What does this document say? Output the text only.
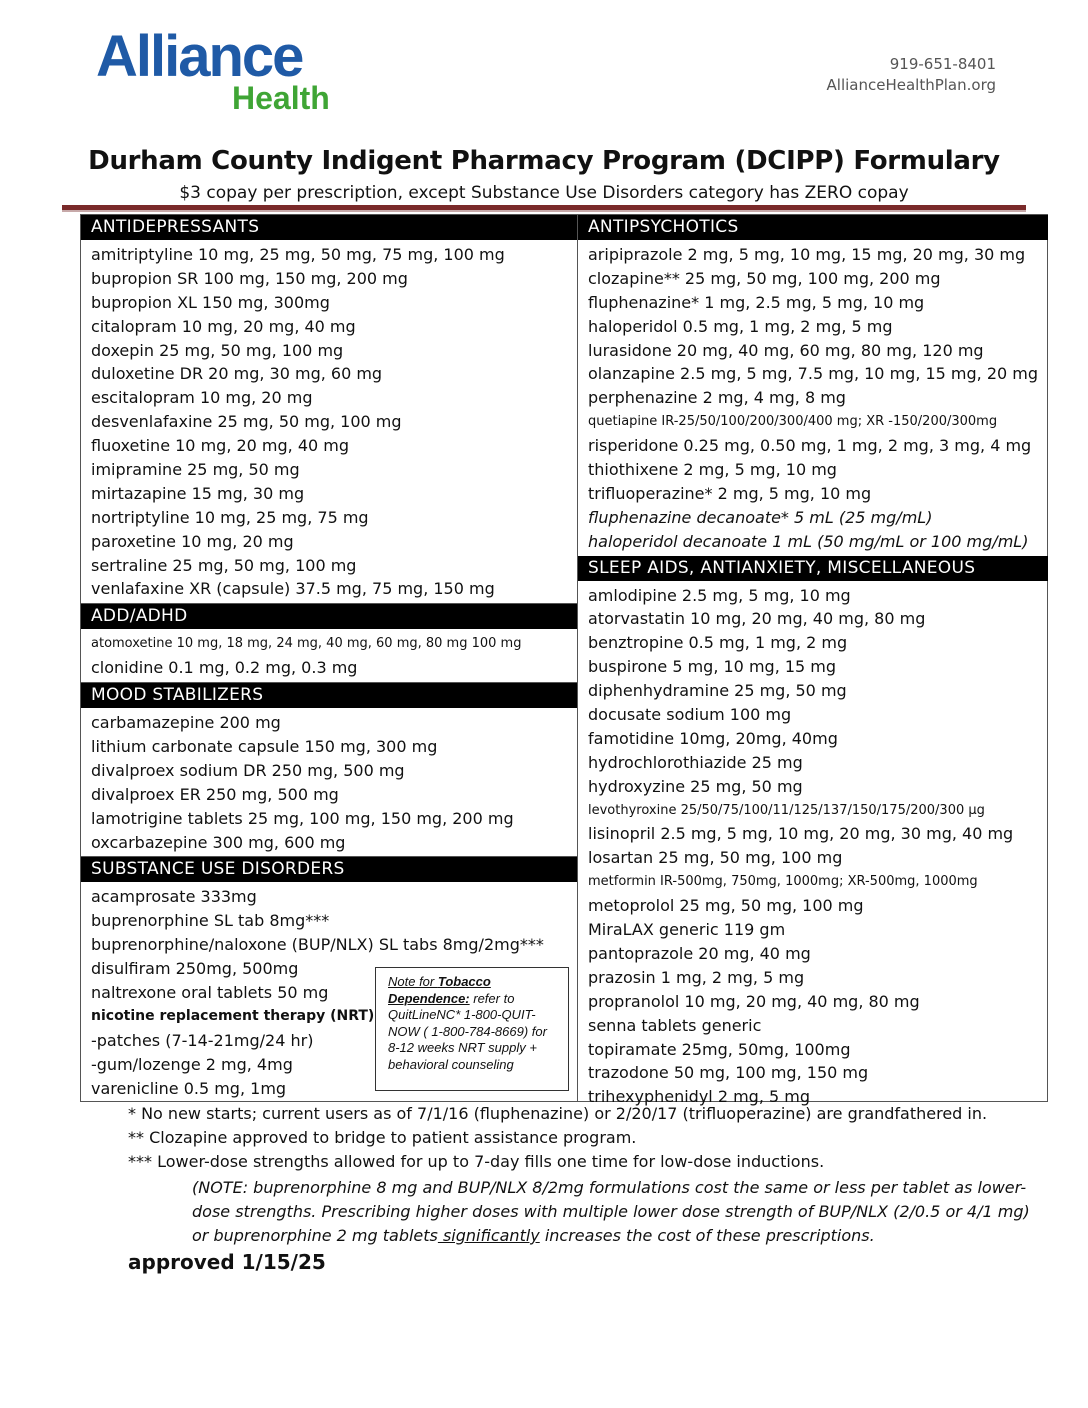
Alliance
Health
919-651-8401
AllianceHealthPlan.org
Durham County Indigent Pharmacy Program (DCIPP) Formulary
$3 copay per prescription, except Substance Use Disorders category has ZERO copay
ANTIDEPRESSANTS
amitriptyline 10 mg, 25 mg, 50 mg, 75 mg, 100 mg
bupropion SR 100 mg, 150 mg, 200 mg
bupropion XL 150 mg, 300mg
citalopram 10 mg, 20 mg, 40 mg
doxepin 25 mg, 50 mg, 100 mg
duloxetine DR 20 mg, 30 mg, 60 mg
escitalopram 10 mg, 20 mg
desvenlafaxine 25 mg, 50 mg, 100 mg
fluoxetine 10 mg, 20 mg, 40 mg
imipramine 25 mg, 50 mg
mirtazapine 15 mg, 30 mg
nortriptyline 10 mg, 25 mg, 75 mg
paroxetine 10 mg, 20 mg
sertraline 25 mg, 50 mg, 100 mg
venlafaxine XR (capsule) 37.5 mg, 75 mg, 150 mg
ADD/ADHD
atomoxetine 10 mg, 18 mg, 24 mg, 40 mg, 60 mg, 80 mg 100 mg
clonidine 0.1 mg, 0.2 mg, 0.3 mg
MOOD STABILIZERS
carbamazepine 200 mg
lithium carbonate capsule 150 mg, 300 mg
divalproex sodium DR 250 mg, 500 mg
divalproex ER 250 mg, 500 mg
lamotrigine tablets 25 mg, 100 mg, 150 mg, 200 mg
oxcarbazepine 300 mg, 600 mg
SUBSTANCE USE DISORDERS
acamprosate 333mg
buprenorphine SL tab 8mg***
buprenorphine/naloxone (BUP/NLX) SL tabs 8mg/2mg***
disulfiram 250mg, 500mg
naltrexone oral tablets 50 mg
nicotine replacement therapy (NRT)
-patches (7-14-21mg/24 hr)
-gum/lozenge 2 mg, 4mg
varenicline 0.5 mg, 1mg
Note for Tobacco Dependence: refer to QuitLineNC* 1-800-QUIT-NOW ( 1-800-784-8669) for 8-12 weeks NRT supply + behavioral counseling
ANTIPSYCHOTICS
aripiprazole 2 mg, 5 mg, 10 mg, 15 mg, 20 mg, 30 mg
clozapine** 25 mg, 50 mg, 100 mg, 200 mg
fluphenazine* 1 mg, 2.5 mg, 5 mg, 10 mg
haloperidol 0.5 mg, 1 mg, 2 mg, 5 mg
lurasidone 20 mg, 40 mg, 60 mg, 80 mg, 120 mg
olanzapine 2.5 mg, 5 mg, 7.5 mg, 10 mg, 15 mg, 20 mg
perphenazine 2 mg, 4 mg, 8 mg
quetiapine IR-25/50/100/200/300/400 mg; XR -150/200/300mg
risperidone 0.25 mg, 0.50 mg, 1 mg, 2 mg, 3 mg, 4 mg
thiothixene 2 mg, 5 mg, 10 mg
trifluoperazine* 2 mg, 5 mg, 10 mg
fluphenazine decanoate* 5 mL (25 mg/mL)
haloperidol decanoate 1 mL (50 mg/mL or 100 mg/mL)
SLEEP AIDS, ANTIANXIETY, MISCELLANEOUS
amlodipine 2.5 mg, 5 mg, 10 mg
atorvastatin 10 mg, 20 mg, 40 mg, 80 mg
benztropine 0.5 mg, 1 mg, 2 mg
buspirone 5 mg, 10 mg, 15 mg
diphenhydramine 25 mg, 50 mg
docusate sodium 100 mg
famotidine 10mg, 20mg, 40mg
hydrochlorothiazide 25 mg
hydroxyzine 25 mg, 50 mg
levothyroxine 25/50/75/100/11/125/137/150/175/200/300 µg
lisinopril 2.5 mg, 5 mg, 10 mg, 20 mg, 30 mg, 40 mg
losartan 25 mg, 50 mg, 100 mg
metformin IR-500mg, 750mg, 1000mg; XR-500mg, 1000mg
metoprolol 25 mg, 50 mg, 100 mg
MiraLAX generic 119 gm
pantoprazole 20 mg, 40 mg
prazosin 1 mg, 2 mg, 5 mg
propranolol 10 mg, 20 mg, 40 mg, 80 mg
senna tablets generic
topiramate 25mg, 50mg, 100mg
trazodone 50 mg, 100 mg, 150 mg
trihexyphenidyl 2 mg, 5 mg
* No new starts; current users as of 7/1/16 (fluphenazine) or 2/20/17 (trifluoperazine) are grandfathered in.
** Clozapine approved to bridge to patient assistance program.
*** Lower-dose strengths allowed for up to 7-day fills one time for low-dose inductions.
(NOTE: buprenorphine 8 mg and BUP/NLX 8/2mg formulations cost the same or less per tablet as lower-dose strengths. Prescribing higher doses with multiple lower dose strength of BUP/NLX (2/0.5 or 4/1 mg) or buprenorphine 2 mg tablets significantly increases the cost of these prescriptions.
approved 1/15/25
